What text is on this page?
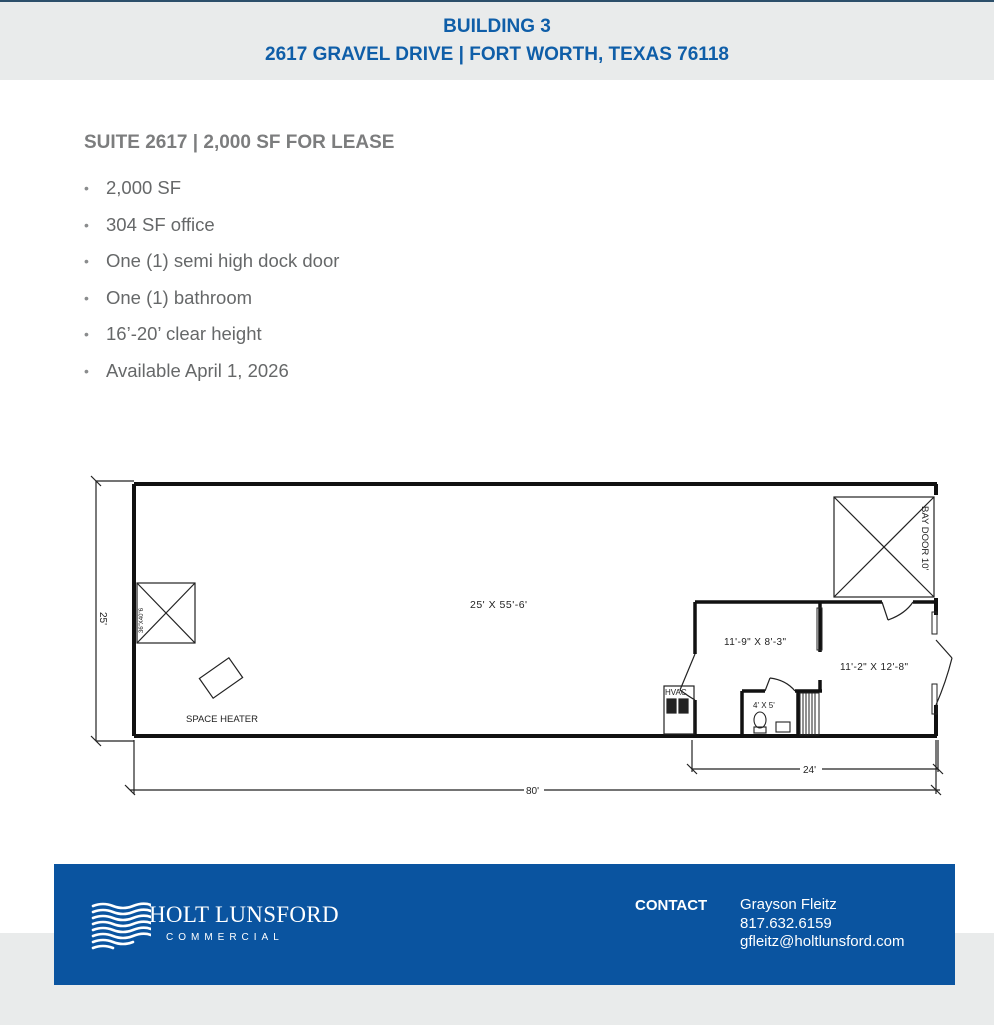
BUILDING 3
2617 GRAVEL DRIVE | FORT WORTH, TEXAS 76118
SUITE 2617 | 2,000 SF FOR LEASE
• 2,000 SF
• 304 SF office
• One (1) semi high dock door
• One (1) bathroom
• 16’-20’ clear height
• Available April 1, 2026
25'
BAY DOOR 10'
36"X40"6
SPACE HEATER
25' X 55'-6'
4' X 5'
HVAC
11'-9" X 8'-3"
11'-2" X 12'-8"
24'
80'
HOLT LUNSFORD
COMMERCIAL
CONTACT Grayson Fleitz
817.632.6159
gfleitz@holtlunsford.com
